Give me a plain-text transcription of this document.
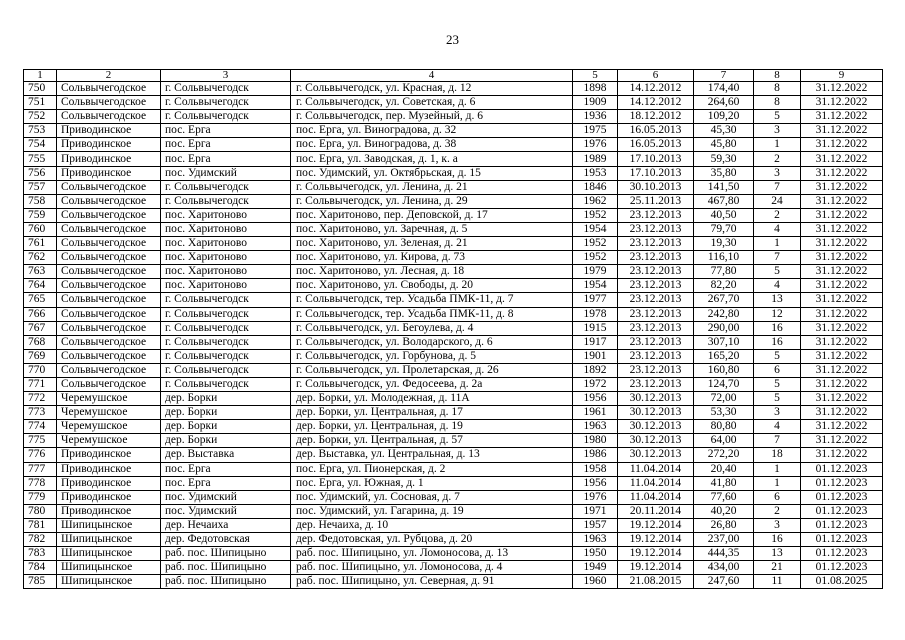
23
1	2	3	4	5	6	7	8	9
750	Сольвычегодское	г. Сольвычегодск	г. Сольвычегодск, ул. Красная, д. 12	1898	14.12.2012	174,40	8	31.12.2022
751	Сольвычегодское	г. Сольвычегодск	г. Сольвычегодск, ул. Советская, д. 6	1909	14.12.2012	264,60	8	31.12.2022
752	Сольвычегодское	г. Сольвычегодск	г. Сольвычегодск, пер. Музейный, д. 6	1936	18.12.2012	109,20	5	31.12.2022
753	Приводинское	пос. Ерга	пос. Ерга, ул. Виноградова, д. 32	1975	16.05.2013	45,30	3	31.12.2022
754	Приводинское	пос. Ерга	пос. Ерга, ул. Виноградова, д. 38	1976	16.05.2013	45,80	1	31.12.2022
755	Приводинское	пос. Ерга	пос. Ерга, ул. Заводская, д. 1, к. а	1989	17.10.2013	59,30	2	31.12.2022
756	Приводинское	пос. Удимский	пос. Удимский, ул. Октябрьская, д. 15	1953	17.10.2013	35,80	3	31.12.2022
757	Сольвычегодское	г. Сольвычегодск	г. Сольвычегодск, ул. Ленина, д. 21	1846	30.10.2013	141,50	7	31.12.2022
758	Сольвычегодское	г. Сольвычегодск	г. Сольвычегодск, ул. Ленина, д. 29	1962	25.11.2013	467,80	24	31.12.2022
759	Сольвычегодское	пос. Харитоново	пос. Харитоново, пер. Деповской, д. 17	1952	23.12.2013	40,50	2	31.12.2022
760	Сольвычегодское	пос. Харитоново	пос. Харитоново, ул. Заречная, д. 5	1954	23.12.2013	79,70	4	31.12.2022
761	Сольвычегодское	пос. Харитоново	пос. Харитоново, ул. Зеленая, д. 21	1952	23.12.2013	19,30	1	31.12.2022
762	Сольвычегодское	пос. Харитоново	пос. Харитоново, ул. Кирова, д. 73	1952	23.12.2013	116,10	7	31.12.2022
763	Сольвычегодское	пос. Харитоново	пос. Харитоново, ул. Лесная, д. 18	1979	23.12.2013	77,80	5	31.12.2022
764	Сольвычегодское	пос. Харитоново	пос. Харитоново, ул. Свободы, д. 20	1954	23.12.2013	82,20	4	31.12.2022
765	Сольвычегодское	г. Сольвычегодск	г. Сольвычегодск, тер. Усадьба ПМК-11, д. 7	1977	23.12.2013	267,70	13	31.12.2022
766	Сольвычегодское	г. Сольвычегодск	г. Сольвычегодск, тер. Усадьба ПМК-11, д. 8	1978	23.12.2013	242,80	12	31.12.2022
767	Сольвычегодское	г. Сольвычегодск	г. Сольвычегодск, ул. Бегоулева, д. 4	1915	23.12.2013	290,00	16	31.12.2022
768	Сольвычегодское	г. Сольвычегодск	г. Сольвычегодск, ул. Володарского, д. 6	1917	23.12.2013	307,10	16	31.12.2022
769	Сольвычегодское	г. Сольвычегодск	г. Сольвычегодск, ул. Горбунова, д. 5	1901	23.12.2013	165,20	5	31.12.2022
770	Сольвычегодское	г. Сольвычегодск	г. Сольвычегодск, ул. Пролетарская, д. 26	1892	23.12.2013	160,80	6	31.12.2022
771	Сольвычегодское	г. Сольвычегодск	г. Сольвычегодск, ул. Федосеева, д. 2а	1972	23.12.2013	124,70	5	31.12.2022
772	Черемушское	дер. Борки	дер. Борки, ул. Молодежная, д. 11А	1956	30.12.2013	72,00	5	31.12.2022
773	Черемушское	дер. Борки	дер. Борки, ул. Центральная, д. 17	1961	30.12.2013	53,30	3	31.12.2022
774	Черемушское	дер. Борки	дер. Борки, ул. Центральная, д. 19	1963	30.12.2013	80,80	4	31.12.2022
775	Черемушское	дер. Борки	дер. Борки, ул. Центральная, д. 57	1980	30.12.2013	64,00	7	31.12.2022
776	Приводинское	дер. Выставка	дер. Выставка, ул. Центральная, д. 13	1986	30.12.2013	272,20	18	31.12.2022
777	Приводинское	пос. Ерга	пос. Ерга, ул. Пионерская, д. 2	1958	11.04.2014	20,40	1	01.12.2023
778	Приводинское	пос. Ерга	пос. Ерга, ул. Южная, д. 1	1956	11.04.2014	41,80	1	01.12.2023
779	Приводинское	пос. Удимский	пос. Удимский, ул. Сосновая, д. 7	1976	11.04.2014	77,60	6	01.12.2023
780	Приводинское	пос. Удимский	пос. Удимский, ул. Гагарина, д. 19	1971	20.11.2014	40,20	2	01.12.2023
781	Шипицынское	дер. Нечаиха	дер. Нечаиха, д. 10	1957	19.12.2014	26,80	3	01.12.2023
782	Шипицынское	дер. Федотовская	дер. Федотовская, ул. Рубцова, д. 20	1963	19.12.2014	237,00	16	01.12.2023
783	Шипицынское	раб. пос. Шипицыно	раб. пос. Шипицыно, ул. Ломоносова, д. 13	1950	19.12.2014	444,35	13	01.12.2023
784	Шипицынское	раб. пос. Шипицыно	раб. пос. Шипицыно, ул. Ломоносова, д. 4	1949	19.12.2014	434,00	21	01.12.2023
785	Шипицынское	раб. пос. Шипицыно	раб. пос. Шипицыно, ул. Северная, д. 91	1960	21.08.2015	247,60	11	01.08.2025
